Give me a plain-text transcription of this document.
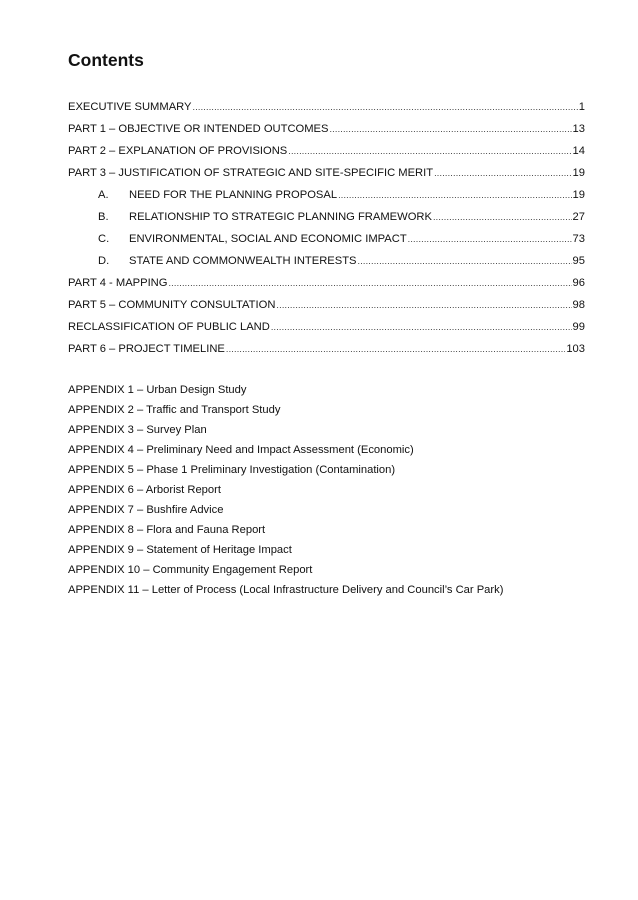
Contents
EXECUTIVE SUMMARY .....	1
PART 1 – OBJECTIVE OR INTENDED OUTCOMES .....	13
PART 2 – EXPLANATION OF PROVISIONS .....	14
PART 3 – JUSTIFICATION OF STRATEGIC AND SITE-SPECIFIC MERIT .....	19
A.	NEED FOR THE PLANNING PROPOSAL .....	19
B.	RELATIONSHIP TO STRATEGIC PLANNING FRAMEWORK .....	27
C.	ENVIRONMENTAL, SOCIAL AND ECONOMIC IMPACT .....	73
D.	STATE AND COMMONWEALTH INTERESTS .....	95
PART 4 - MAPPING .....	96
PART 5 – COMMUNITY CONSULTATION .....	98
RECLASSIFICATION OF PUBLIC LAND .....	99
PART 6 – PROJECT TIMELINE .....	103
APPENDIX 1 – Urban Design Study
APPENDIX 2 – Traffic and Transport Study
APPENDIX 3 – Survey Plan
APPENDIX 4 – Preliminary Need and Impact Assessment (Economic)
APPENDIX 5 – Phase 1 Preliminary Investigation (Contamination)
APPENDIX 6 – Arborist Report
APPENDIX 7 – Bushfire Advice
APPENDIX 8 – Flora and Fauna Report
APPENDIX 9 – Statement of Heritage Impact
APPENDIX 10 – Community Engagement Report
APPENDIX 11 – Letter of Process (Local Infrastructure Delivery and Council’s Car Park)
